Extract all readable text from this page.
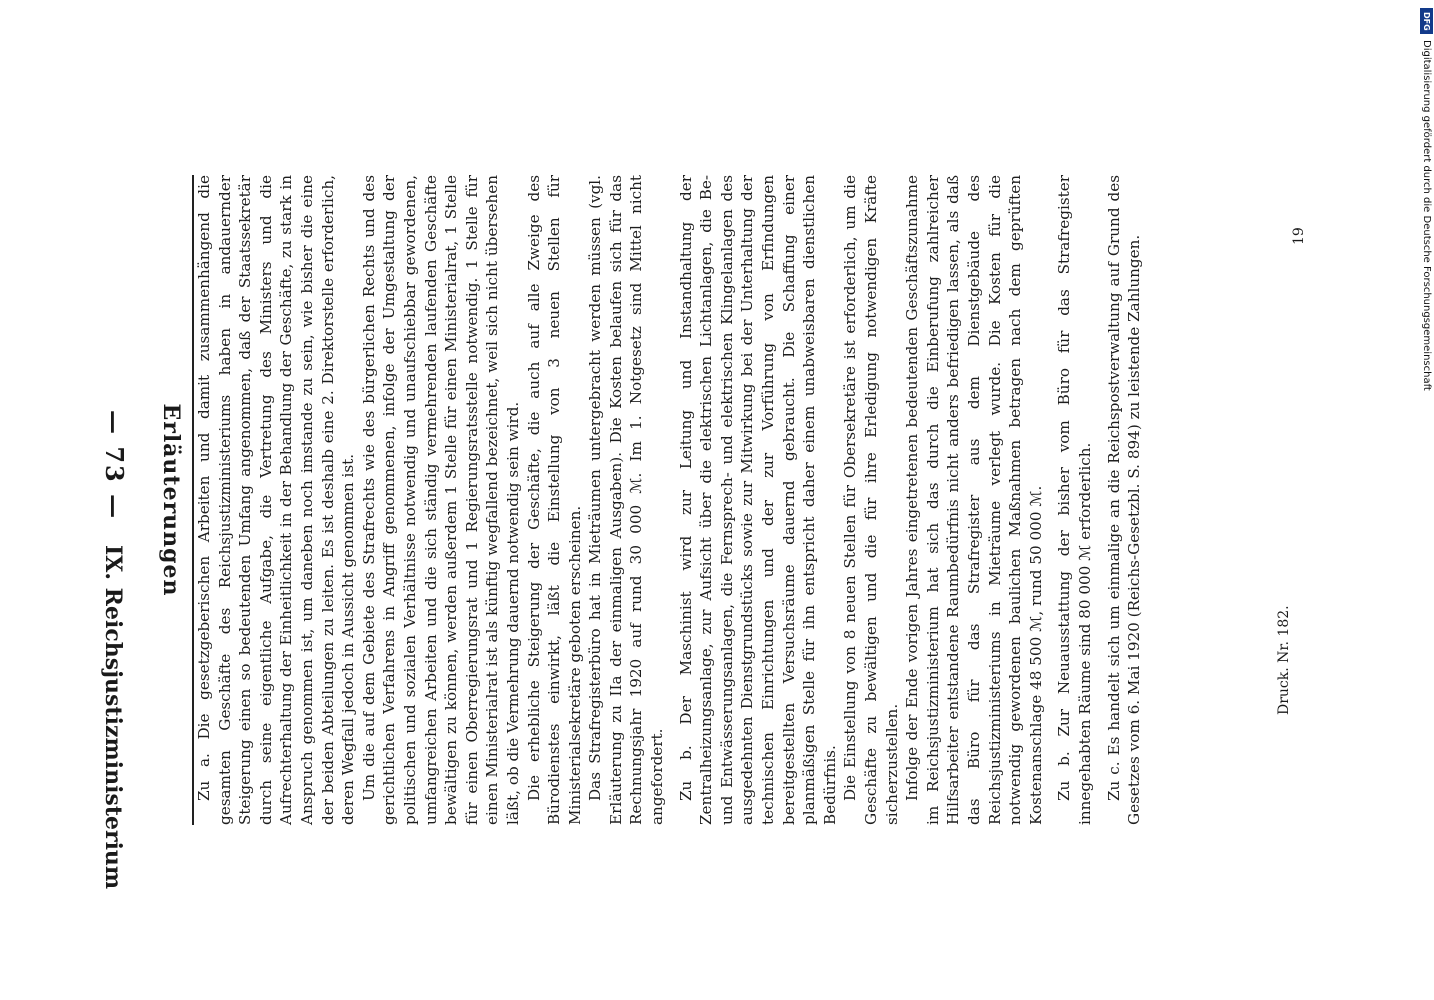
— 73 —
IX. Reichsjustizministerium
Erläuterungen Zu a. Die gesetzgeberischen Arbeiten und damit zusammenhängend die gesamten Geschäfte des Reichsjustizministeriums haben in andauernder Steigerung einen so bedeutenden Umfang angenommen, daß der Staatssekretär durch seine eigentliche Aufgabe, die Vertretung des Ministers und die Aufrechterhaltung der Einheitlichkeit in der Behandlung der Geschäfte, zu stark in Anspruch genommen ist, um daneben noch imstande zu sein, wie bisher die eine der beiden Abteilungen zu leiten. Es ist deshalb eine 2. Direktorstelle erforderlich, deren Wegfall jedoch in Aussicht genommen ist. Um die auf dem Gebiete des Strafrechts wie des bürgerlichen Rechts und des gerichtlichen Verfahrens in Angriff genommenen, infolge der Umgestaltung der politischen und sozialen Verhältnisse notwendig und unaufschiebbar gewordenen, umfangreichen Arbeiten und die sich ständig vermehrenden laufenden Geschäfte bewältigen zu können, werden außerdem 1 Stelle für einen Ministerialrat, 1 Stelle für einen Oberregierungsrat und 1 Regierungsratsstelle notwendig. 1 Stelle für einen Ministerialrat ist als künftig wegfallend bezeichnet, weil sich nicht übersehen läßt, ob die Vermehrung dauernd notwendig sein wird. Die erhebliche Steigerung der Geschäfte, die auch auf alle Zweige des Bürodienstes einwirkt, läßt die Einstellung von 3 neuen Stellen für Ministerialsekretäre geboten erscheinen. Das Strafregisterbüro hat in Mieträumen untergebracht werden müssen (vgl. Erläuterung zu IIa der einmaligen Ausgaben). Die Kosten belaufen sich für das Rechnungsjahr 1920 auf rund 30 000 ℳ. Im 1. Notgesetz sind Mittel nicht angefordert. Zu b. Der Maschinist wird zur Leitung und Instandhaltung der Zentralheizungsanlage, zur Aufsicht über die elektrischen Lichtanlagen, die Be- und Entwässerungsanlagen, die Fernsprech- und elektrischen Klingelanlagen des ausgedehnten Dienstgrundstücks sowie zur Mitwirkung bei der Unterhaltung der technischen Einrichtungen und der zur Vorführung von Erfindungen bereitgestellten Versuchsräume dauernd gebraucht. Die Schaffung einer planmäßigen Stelle für ihn entspricht daher einem unabweisbaren dienstlichen Bedürfnis. Die Einstellung von 8 neuen Stellen für Obersekretäre ist erforderlich, um die Geschäfte zu bewältigen und die für ihre Erledigung notwendigen Kräfte sicherzustellen. Infolge der Ende vorigen Jahres eingetretenen bedeutenden Geschäftszunahme im Reichsjustizministerium hat sich das durch die Einberufung zahlreicher Hilfsarbeiter entstandene Raumbedürfnis nicht anders befriedigen lassen, als daß das Büro für das Strafregister aus dem Dienstgebäude des Reichsjustizministeriums in Mieträume verlegt wurde. Die Kosten für die notwendig gewordenen baulichen Maßnahmen betragen nach dem geprüften Kostenanschlage 48 500 ℳ, rund 50 000 ℳ. Zu b. Zur Neuausstattung der bisher vom Büro für das Strafregister innegehabten Räume sind 80 000 ℳ erforderlich. Zu c. Es handelt sich um einmalige an die Reichspostverwaltung auf Grund des Gesetzes vom 6. Mai 1920 (Reichs-Gesetzbl. S. 894) zu leistende Zahlungen.	Druck. Nr. 182.
19
DFG
Digitalisierung gefördert durch die Deutsche Forschungsgemeinschaft
